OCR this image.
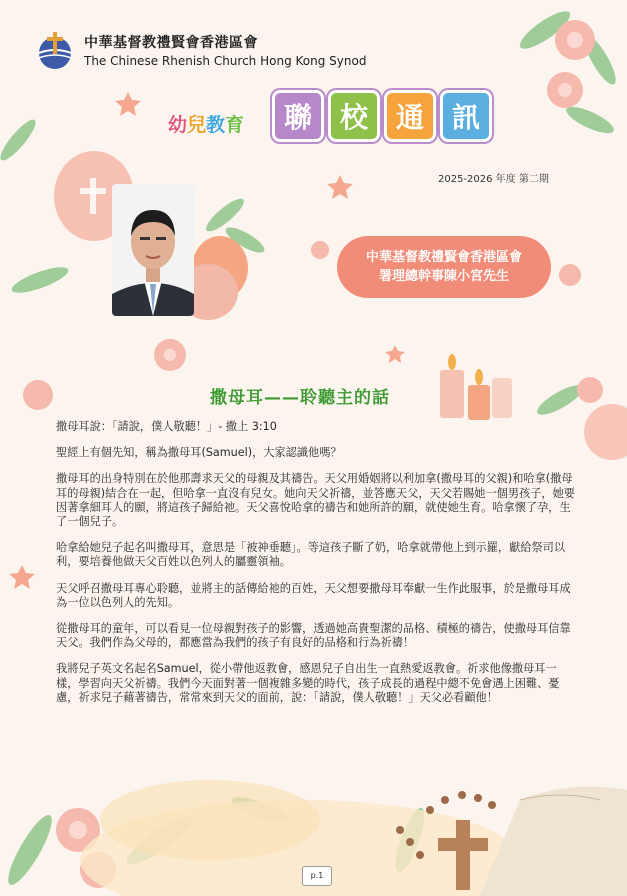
中華基督教禮賢會香港區會
The Chinese Rhenish Church Hong Kong Synod
幼兒教育	聯 校 通 訊
2025-2026 年度 第二期
中華基督教禮賢會香港區會
署理總幹事陳小宮先生
撒母耳——聆聽主的話

撒母耳說：「請說，僕人敬聽！」- 撒上 3:10

聖經上有個先知，稱為撒母耳(Samuel)，大家認識他嗎？

撒母耳的出身特別在於他那壽求天父的母親及其禱告。天父用婚姻將以利加拿(撒母耳的父親)和哈拿(撒母耳的母親)結合在一起，但哈拿一直沒有兒女。她向天父祈禱，並答應天父，天父若賜她一個男孩子，她要因著拿細耳人的願，將這孩子歸給祂。天父喜悅哈拿的禱告和她所許的願，就使她生育。哈拿懷了孕，生了一個兒子。

哈拿給她兒子起名叫撒母耳，意思是「被神垂聽」。等這孩子斷了奶，哈拿就帶他上到示羅，獻給祭司以利，要培養他做天父百姓以色列人的屬靈領袖。

天父呼召撒母耳專心聆聽，並將主的話傳給祂的百姓，天父想要撒母耳奉獻一生作此服事，於是撒母耳成為一位以色列人的先知。

從撒母耳的童年，可以看見一位母親對孩子的影響，透過她高貴聖潔的品格、積極的禱告，使撒母耳信靠天父。我們作為父母的，都應當為我們的孩子有良好的品格和行為祈禱！

我將兒子英文名起名Samuel，從小帶他返教會，感恩兒子自出生一直熱愛返教會。祈求他像撒母耳一樣，學習向天父祈禱。我們今天面對著一個複雜多變的時代，孩子成長的過程中總不免會遇上困難、憂慮，祈求兒子藉著禱告，常常來到天父的面前，說：「請說，僕人敬聽！」天父必看顧他！

p.1
